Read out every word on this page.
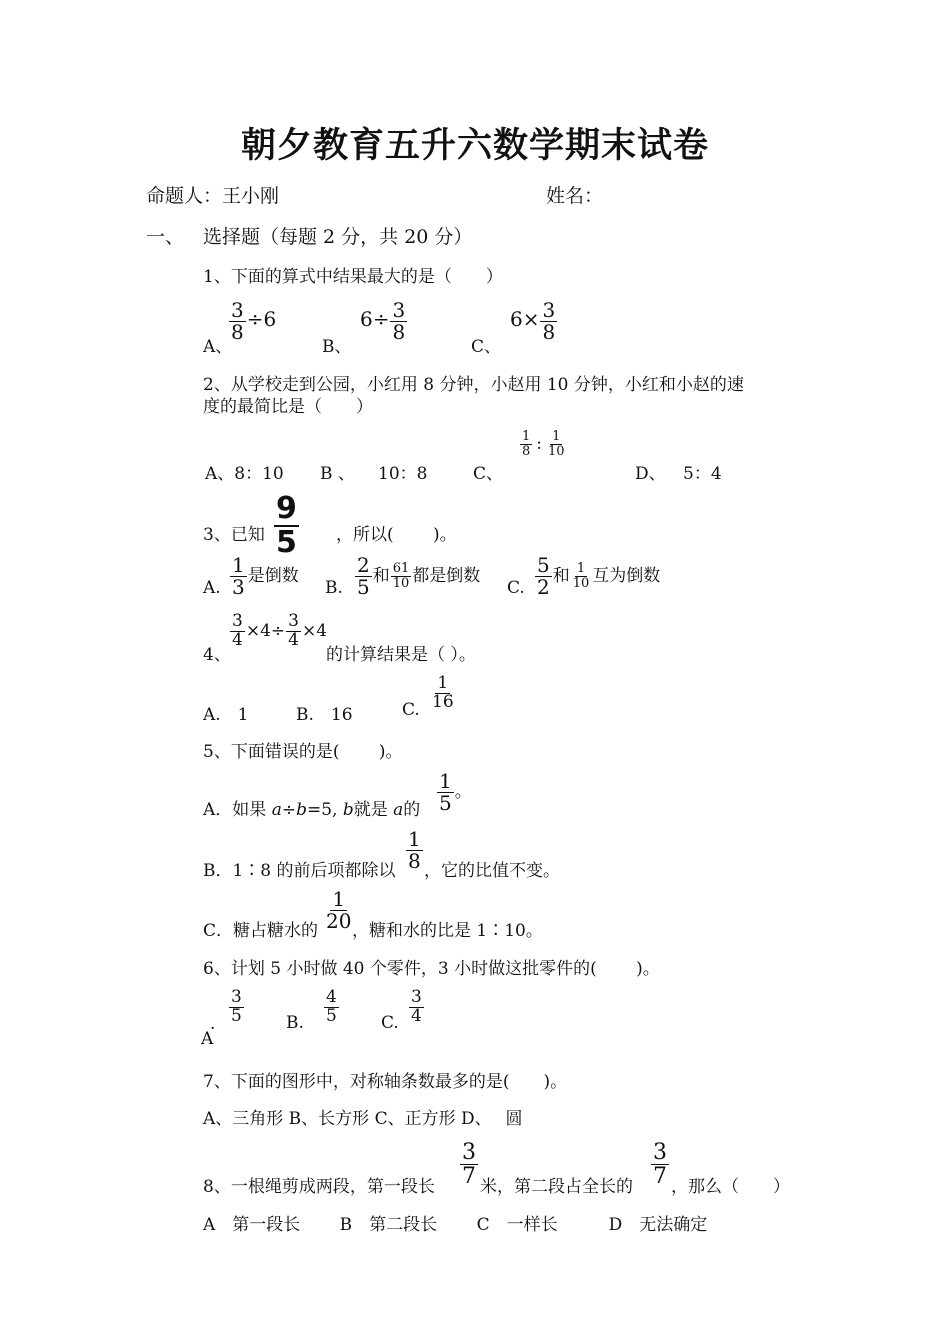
朝夕教育五升六数学期末试卷
命题人：王小刚	姓名：
一、 选择题（每题 2 分，共 20 分）
1、下面的算式中结果最大的是（　　）
A、
$\frac{3}{8} \div 6$
B、
$6\div \frac{3}{8}$
C、
$6\times \frac{3}{8}$
2、从学校走到公园，小红用 8 分钟，小赵用 10 分钟，小红和小赵的速
度的最简比是（　　）
A、8：10 B 、 10：8	C、
$\frac{1}{8}$ : $\frac{1}{10}$
D、 5：4
3、已知 $\frac{9}{5}$ ，所以(　　 )。
A. $\frac{1}{3}$ 是倒数
B. $\frac{2}{5}$ 和 $\frac{61}{10}$ 都是倒数
C. $\frac{5}{2}$ 和 $\frac{1}{10}$ 互为倒数
4、
$\frac{3}{4} \times 4\div \frac{3}{4} \times 4$
的计算结果是（ ）。
A.　1	B.　16	C. $\frac{1}{16}$
5、下面错误的是(　　 )。
A．如果 a÷b=5, b就是 a的 $\frac{1}{5}$ 。
B．1∶8 的前后项都除以 $\frac{1}{8}$ ，它的比值不变。
C．糖占糖水的 $\frac{1}{20}$
，糖和水的比是 1∶10。
6、计划 5 小时做 40 个零件，3 小时做这批零件的(　　 )。
.
A
$\frac{3}{5} B$. $\frac{4}{5} C$. $\frac{3}{4}$
7、下面的图形中，对称轴条数最多的是(　　)。
A、三角形 B、长方形 C、正方形 D、　 圆
8、一根绳剪成两段，第一段长 $\frac{3}{7}$ 米，第二段占全长的 $\frac{3}{7}$ ，那么（　　）
A　第一段长　　 B　第二段长　　 C　一样长　　　D　无法确定
